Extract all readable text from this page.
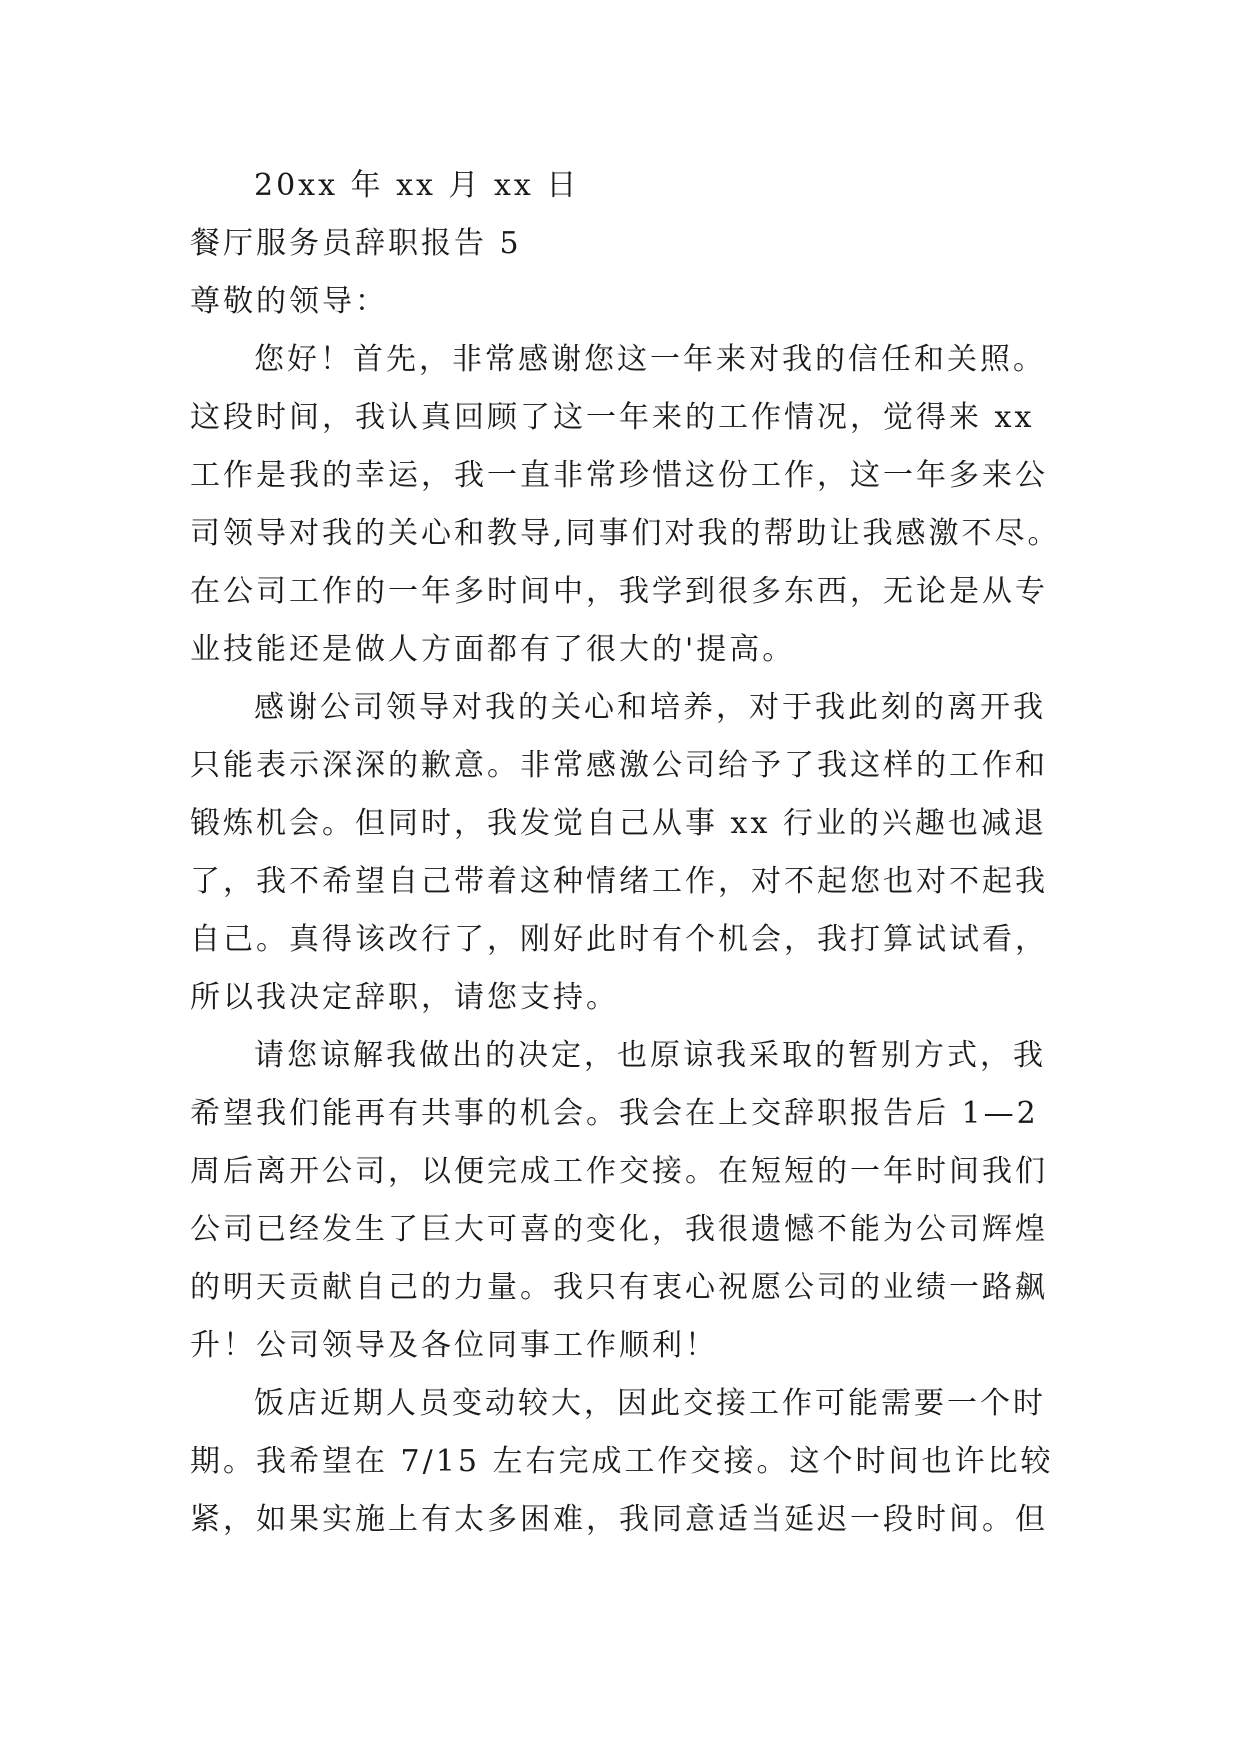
20xx 年 xx 月 xx 日
餐厅服务员辞职报告 5
尊敬的领导：
您好！首先，非常感谢您这一年来对我的信任和关照。
这段时间，我认真回顾了这一年来的工作情况，觉得来 xx
工作是我的幸运，我一直非常珍惜这份工作，这一年多来公
司领导对我的关心和教导,同事们对我的帮助让我感激不尽。
在公司工作的一年多时间中，我学到很多东西，无论是从专
业技能还是做人方面都有了很大的'提高。
感谢公司领导对我的关心和培养，对于我此刻的离开我
只能表示深深的歉意。非常感激公司给予了我这样的工作和
锻炼机会。但同时，我发觉自己从事 xx 行业的兴趣也减退
了，我不希望自己带着这种情绪工作，对不起您也对不起我
自己。真得该改行了，刚好此时有个机会，我打算试试看，
所以我决定辞职，请您支持。
请您谅解我做出的决定，也原谅我采取的暂别方式，我
希望我们能再有共事的机会。我会在上交辞职报告后 1—2
周后离开公司，以便完成工作交接。在短短的一年时间我们
公司已经发生了巨大可喜的变化，我很遗憾不能为公司辉煌
的明天贡献自己的力量。我只有衷心祝愿公司的业绩一路飙
升！公司领导及各位同事工作顺利！
饭店近期人员变动较大，因此交接工作可能需要一个时
期。我希望在 7/15 左右完成工作交接。这个时间也许比较
紧，如果实施上有太多困难，我同意适当延迟一段时间。但
